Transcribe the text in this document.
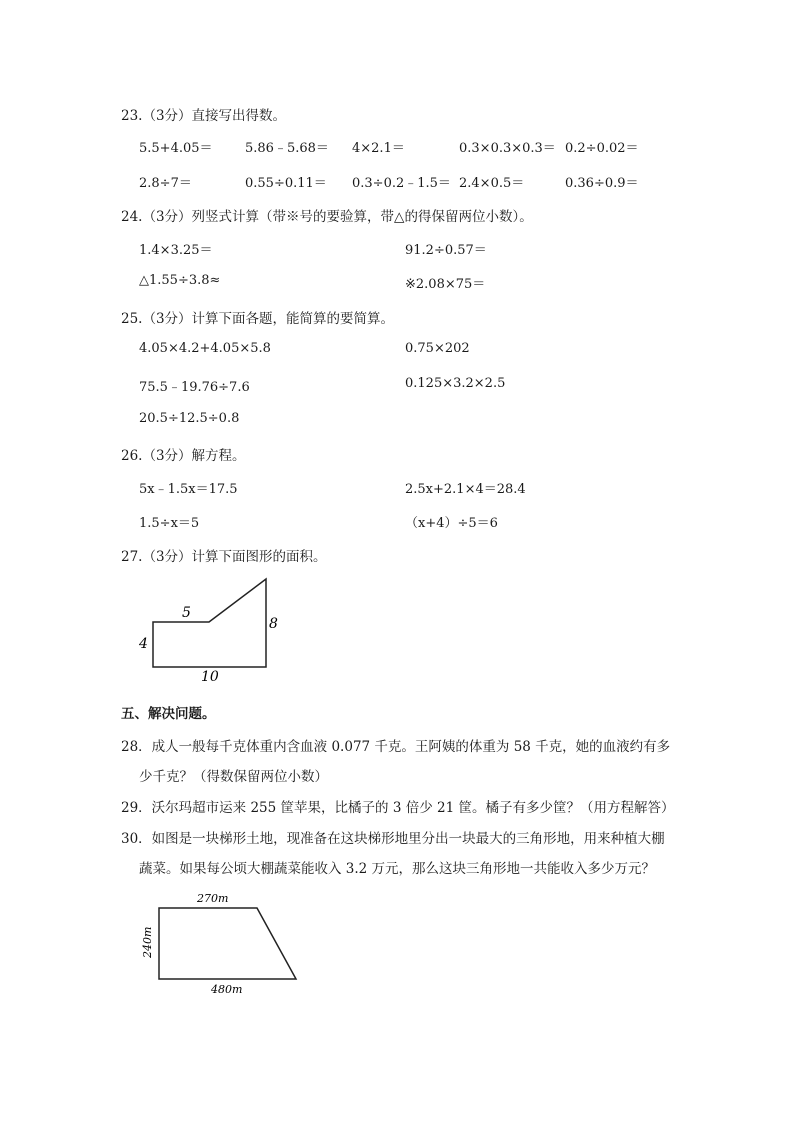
23.（3分）直接写出得数。
5.5+4.05＝ 5.86﹣5.68＝ 4×2.1＝	0.3×0.3×0.3＝ 0.2÷0.02＝
2.8÷7＝	0.55÷0.11＝ 0.3÷0.2﹣1.5＝ 2.4×0.5＝	0.36÷0.9＝
24.（3分）列竖式计算（带※号的要验算，带△的得保留两位小数）。
1.4×3.25＝	91.2÷0.57＝
△1.55÷3.8≈	※2.08×75＝
25.（3分）计算下面各题，能简算的要简算。
4.05×4.2+4.05×5.8	0.75×202
75.5﹣19.76÷7.6	0.125×3.2×2.5
20.5÷12.5÷0.8
26.（3分）解方程。
5x﹣1.5x＝17.5	2.5x+2.1×4＝28.4
1.5÷x＝5	（x+4）÷5＝6
27.（3分）计算下面图形的面积。
5
4
8
10
五、解决问题。
28．成人一般每千克体重内含血液 0.077 千克。王阿姨的体重为 58 千克，她的血液约有多
少千克？（得数保留两位小数）
29．沃尔玛超市运来 255 筐苹果，比橘子的 3 倍少 21 筐。橘子有多少筐？（用方程解答）
30．如图是一块梯形土地，现准备在这块梯形地里分出一块最大的三角形地，用来种植大棚
蔬菜。如果每公顷大棚蔬菜能收入 3.2 万元，那么这块三角形地一共能收入多少万元？
270m
240m
480m
